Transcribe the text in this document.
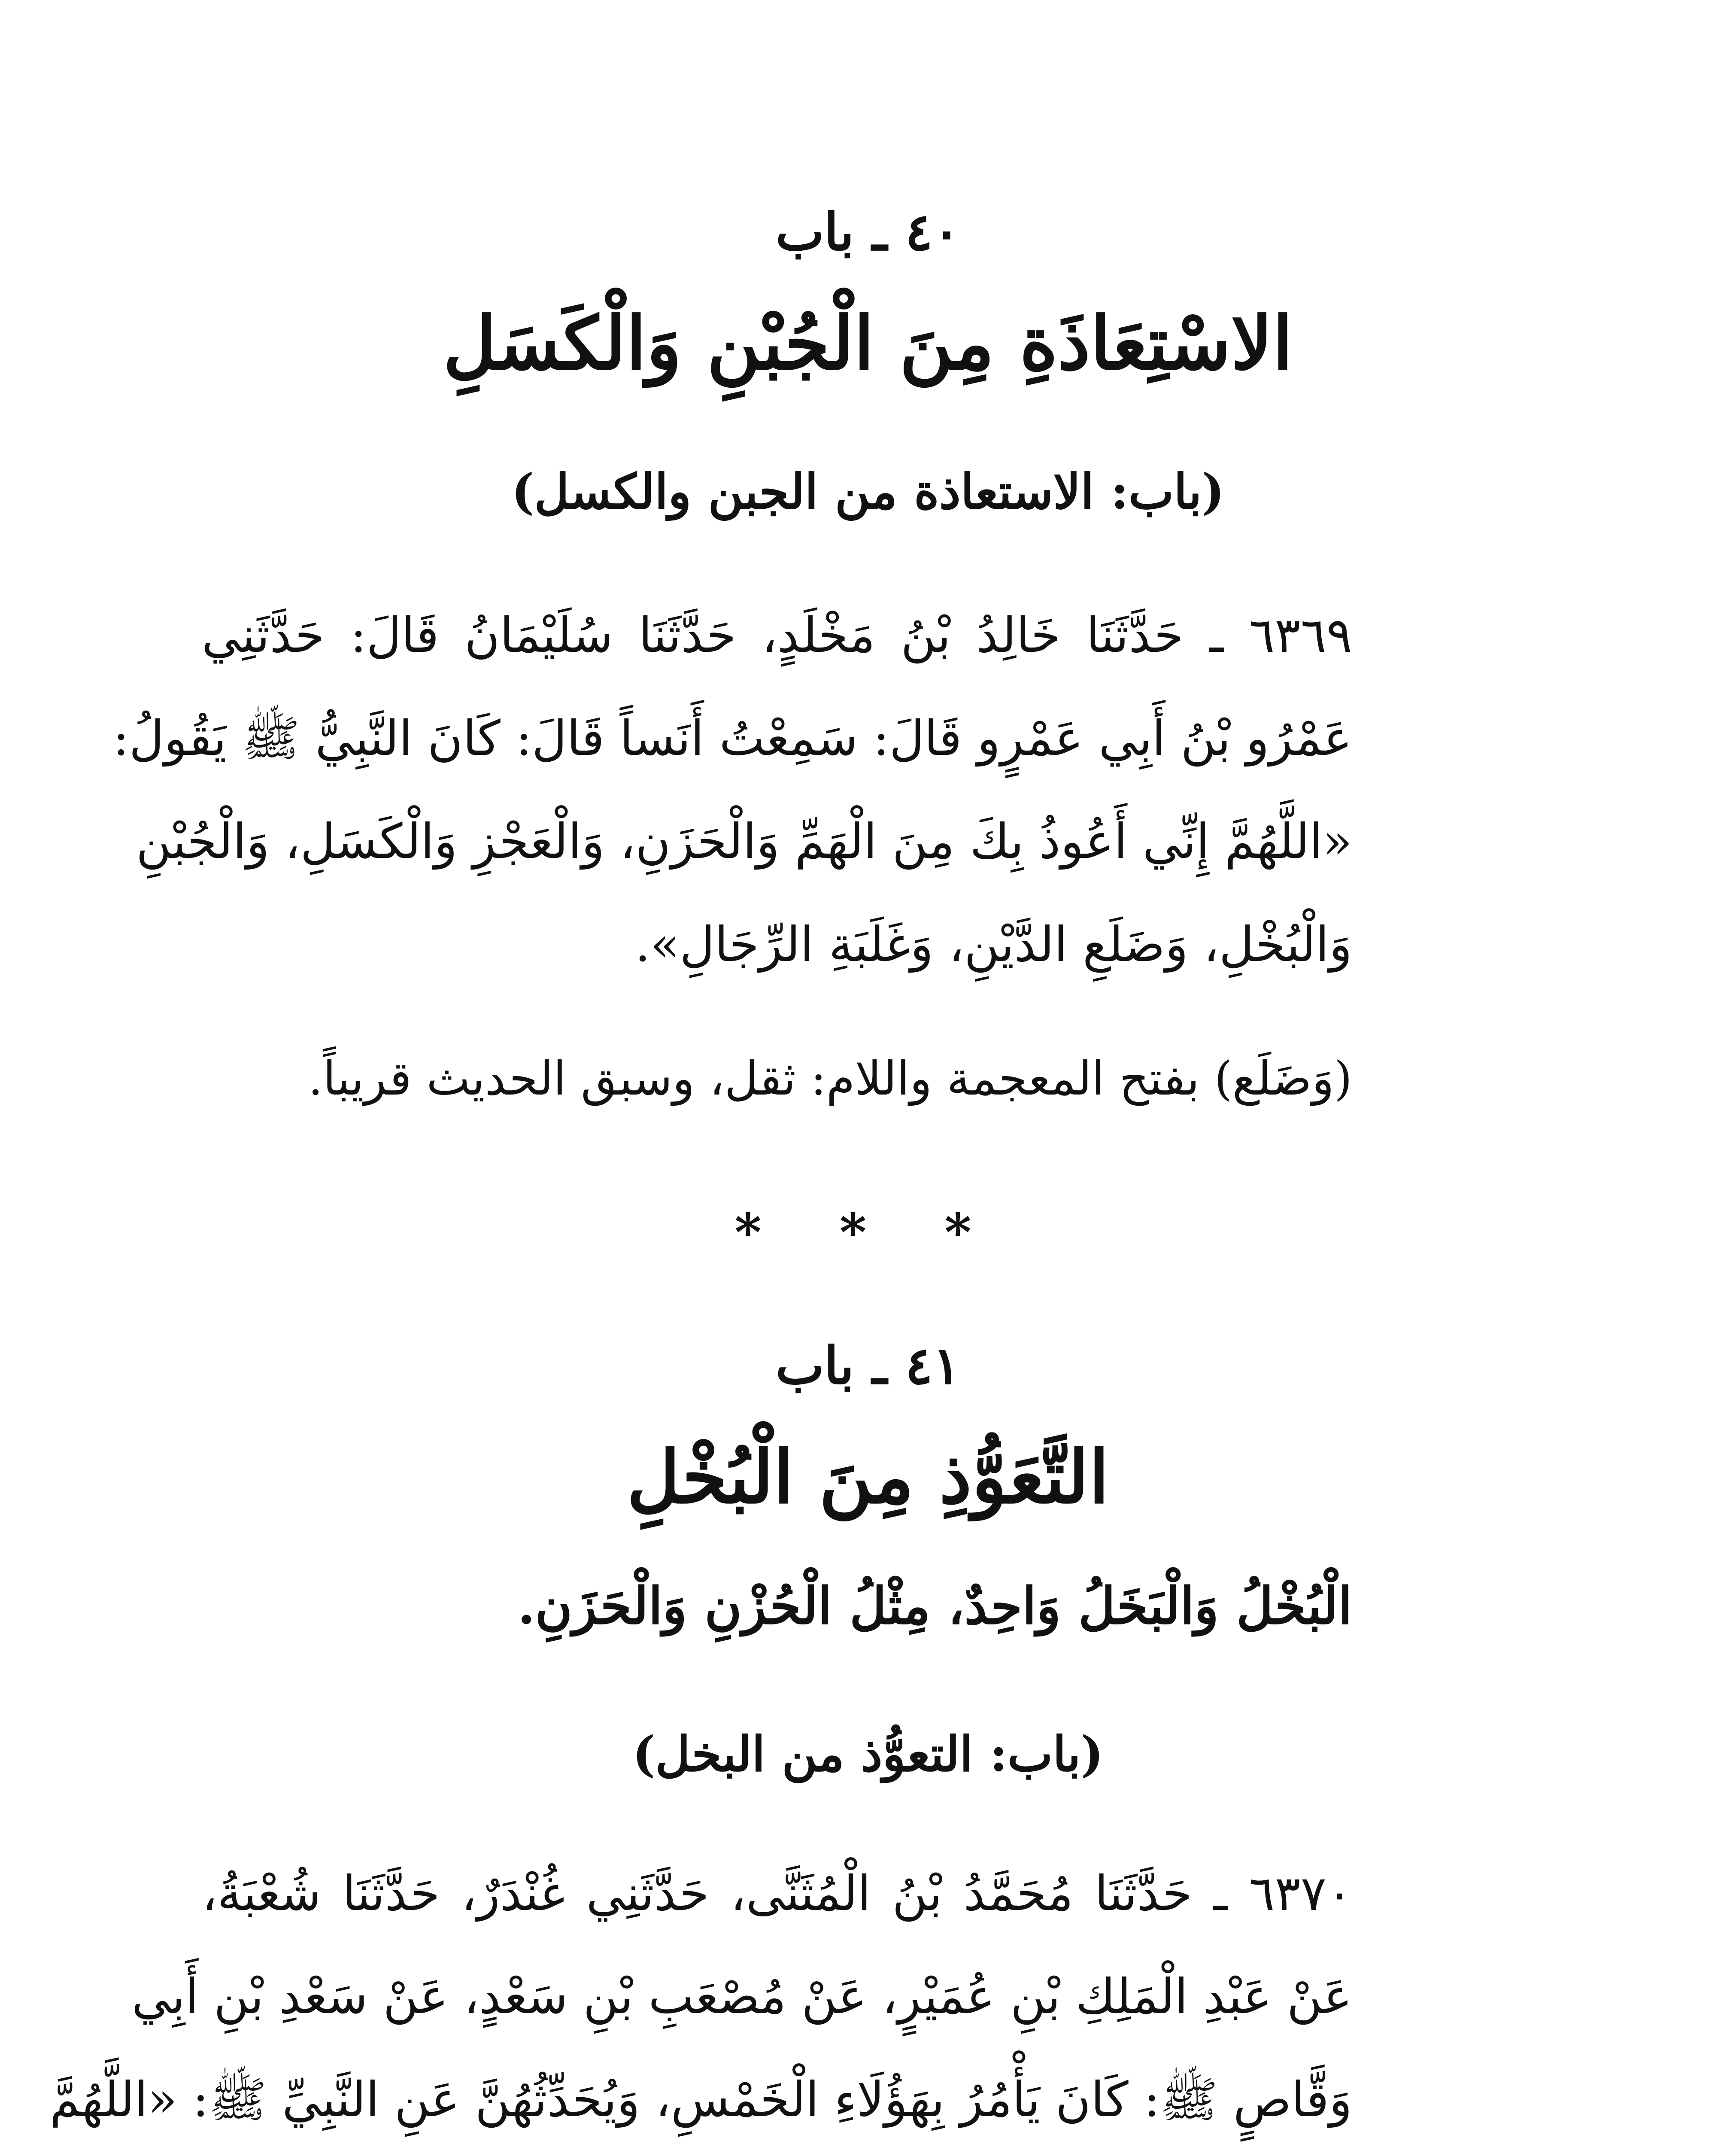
٤٠ ـ باب
الاسْتِعَاذَةِ مِنَ الْجُبْنِ وَالْكَسَلِ
(باب: الاستعاذة من الجبن والكسل)
٦٣٦٩ ـ حَدَّثَنَا خَالِدُ بْنُ مَخْلَدٍ، حَدَّثَنَا سُلَيْمَانُ قَالَ: حَدَّثَنِي
عَمْرُو بْنُ أَبِي عَمْرٍو قَالَ: سَمِعْتُ أَنَساً قَالَ: كَانَ النَّبِيُّ ﷺ يَقُولُ:
«اللَّهُمَّ إِنِّي أَعُوذُ بِكَ مِنَ الْهَمِّ وَالْحَزَنِ، وَالْعَجْزِ وَالْكَسَلِ، وَالْجُبْنِ
وَالْبُخْلِ، وَضَلَعِ الدَّيْنِ، وَغَلَبَةِ الرِّجَالِ».
(وَضَلَع) بفتح المعجمة واللام: ثقل، وسبق الحديث قريباً.
* * *
٤١ ـ باب
التَّعَوُّذِ مِنَ الْبُخْلِ
الْبُخْلُ وَالْبَخَلُ وَاحِدٌ، مِثْلُ الْحُزْنِ وَالْحَزَنِ.
(باب: التعوُّذ من البخل)
٦٣٧٠ ـ حَدَّثَنَا مُحَمَّدُ بْنُ الْمُثَنَّى، حَدَّثَنِي غُنْدَرٌ، حَدَّثَنَا شُعْبَةُ،
عَنْ عَبْدِ الْمَلِكِ بْنِ عُمَيْرٍ، عَنْ مُصْعَبِ بْنِ سَعْدٍ، عَنْ سَعْدِ بْنِ أَبِي
وَقَّاصٍ ﷺ: كَانَ يَأْمُرُ بِهَؤُلَاءِ الْخَمْسِ، وَيُحَدِّثُهُنَّ عَنِ النَّبِيِّ ﷺ: «اللَّهُمَّ
